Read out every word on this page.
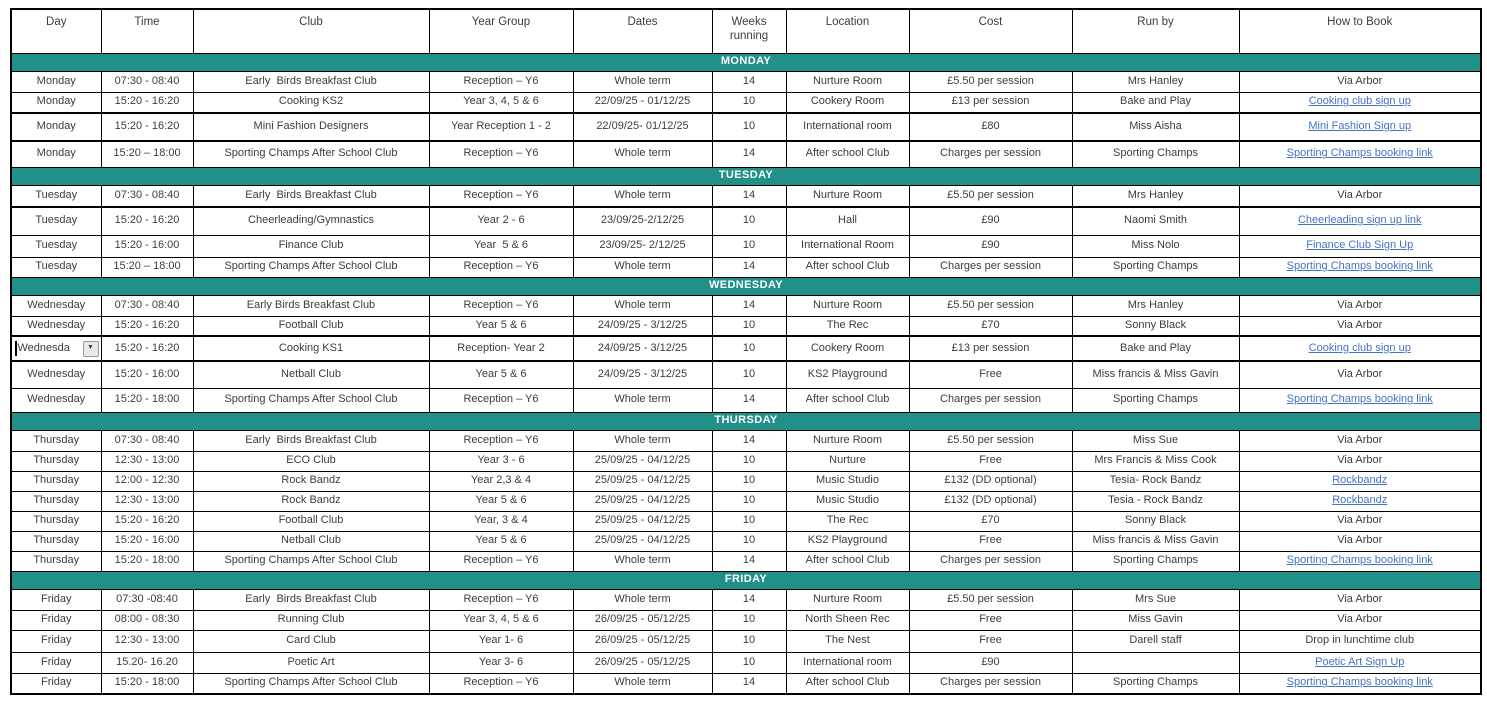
Day	Time	Club	Year Group	Dates	Weeks running	Location	Cost	Run by	How to Book
MONDAY									
Monday	07:30 - 08:40	Early  Birds Breakfast Club	Reception – Y6	Whole term	14	Nurture Room	£5.50 per session	Mrs Hanley	Via Arbor
Monday	15:20 - 16:20	Cooking KS2	Year 3, 4, 5 & 6	22/09/25 - 01/12/25	10	Cookery Room	£13 per session	Bake and Play	Cooking club sign up
Monday	15:20 - 16:20	Mini Fashion Designers	Year Reception 1 - 2	22/09/25- 01/12/25	10	International room	£80	Miss Aisha	Mini Fashion Sign up
Monday	15:20 – 18:00	Sporting Champs After School Club	Reception – Y6	Whole term	14	After school Club	Charges per session	Sporting Champs	Sporting Champs booking link
TUESDAY									
Tuesday	07:30 - 08:40	Early  Birds Breakfast Club	Reception – Y6	Whole term	14	Nurture Room	£5.50 per session	Mrs Hanley	Via Arbor
Tuesday	15:20 - 16:20	Cheerleading/Gymnastics	Year 2 - 6	23/09/25-2/12/25	10	Hall	£90	Naomi Smith	Cheerleading sign up link
Tuesday	15:20 - 16:00	Finance Club	Year  5 & 6	23/09/25- 2/12/25	10	International Room	£90	Miss Nolo	Finance Club Sign Up
Tuesday	15:20 – 18:00	Sporting Champs After School Club	Reception – Y6	Whole term	14	After school Club	Charges per session	Sporting Champs	Sporting Champs booking link
WEDNESDAY									
Wednesday	07:30 - 08:40	Early Birds Breakfast Club	Reception – Y6	Whole term	14	Nurture Room	£5.50 per session	Mrs Hanley	Via Arbor
Wednesday	15:20 - 16:20	Football Club	Year 5 & 6	24/09/25 - 3/12/25	10	The Rec	£70	Sonny Black	Via Arbor

Wednesda ▼	15:20 - 16:20	Cooking KS1	Reception- Year 2	24/09/25 - 3/12/25	10	Cookery Room	£13 per session	Bake and Play	Cooking club sign up
Wednesday	15:20 - 16:00	Netball Club	Year 5 & 6	24/09/25 - 3/12/25	10	KS2 Playground	Free	Miss francis & Miss Gavin	Via Arbor
Wednesday	15:20 - 18:00	Sporting Champs After School Club	Reception – Y6	Whole term	14	After school Club	Charges per session	Sporting Champs	Sporting Champs booking link
THURSDAY									
Thursday	07:30 - 08:40	Early  Birds Breakfast Club	Reception – Y6	Whole term	14	Nurture Room	£5.50 per session	Miss Sue	Via Arbor
Thursday	12:30 - 13:00	ECO Club	Year 3 - 6	25/09/25 - 04/12/25	10	Nurture	Free	Mrs Francis & Miss Cook	Via Arbor
Thursday	12:00 - 12:30	Rock Bandz	Year 2,3 & 4	25/09/25 - 04/12/25	10	Music Studio	£132 (DD optional)	Tesia- Rock Bandz	Rockbandz
Thursday	12:30 - 13:00	Rock Bandz	Year 5 & 6	25/09/25 - 04/12/25	10	Music Studio	£132 (DD optional)	Tesia - Rock Bandz	Rockbandz
Thursday	15:20 - 16:20	Football Club	Year, 3 & 4	25/09/25 - 04/12/25	10	The Rec	£70	Sonny Black	Via Arbor
Thursday	15:20 - 16:00	Netball Club	Year 5 & 6	25/09/25 - 04/12/25	10	KS2 Playground	Free	Miss francis & Miss Gavin	Via Arbor
Thursday	15:20 - 18:00	Sporting Champs After School Club	Reception – Y6	Whole term	14	After school Club	Charges per session	Sporting Champs	Sporting Champs booking link
FRIDAY									
Friday	07:30 -08:40	Early  Birds Breakfast Club	Reception – Y6	Whole term	14	Nurture Room	£5.50 per session	Mrs Sue	Via Arbor
Friday	08:00 - 08:30	Running Club	Year 3, 4, 5 & 6	26/09/25 - 05/12/25	10	North Sheen Rec	Free	Miss Gavin	Via Arbor
Friday	12:30 - 13:00	Card Club	Year 1- 6	26/09/25 - 05/12/25	10	The Nest	Free	Darell staff	Drop in lunchtime club
Friday	15.20- 16.20	Poetic Art	Year 3- 6	26/09/25 - 05/12/25	10	International room	£90		Poetic Art Sign Up
Friday	15:20 - 18:00	Sporting Champs After School Club	Reception – Y6	Whole term	14	After school Club	Charges per session	Sporting Champs	Sporting Champs booking link
